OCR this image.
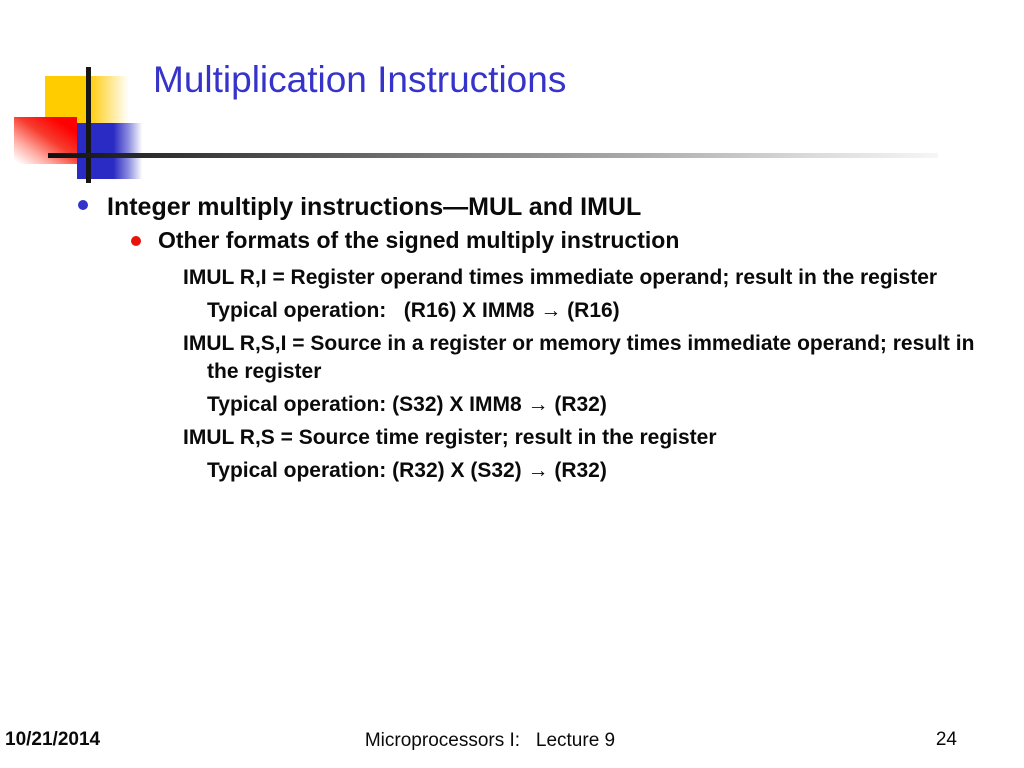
Multiplication Instructions
Integer multiply instructions—MUL and IMUL
Other formats of the signed multiply instruction

IMUL R,I = Register operand times immediate operand; result in the register

Typical operation:   (R16) X IMM8 → (R16)

IMUL R,S,I = Source in a register or memory times immediate operand; result in the register

Typical operation: (S32) X IMM8 → (R32)

IMUL R,S = Source time register; result in the register

Typical operation: (R32) X (S32) → (R32)

10/21/2014	Microprocessors I:   Lecture 9	24
